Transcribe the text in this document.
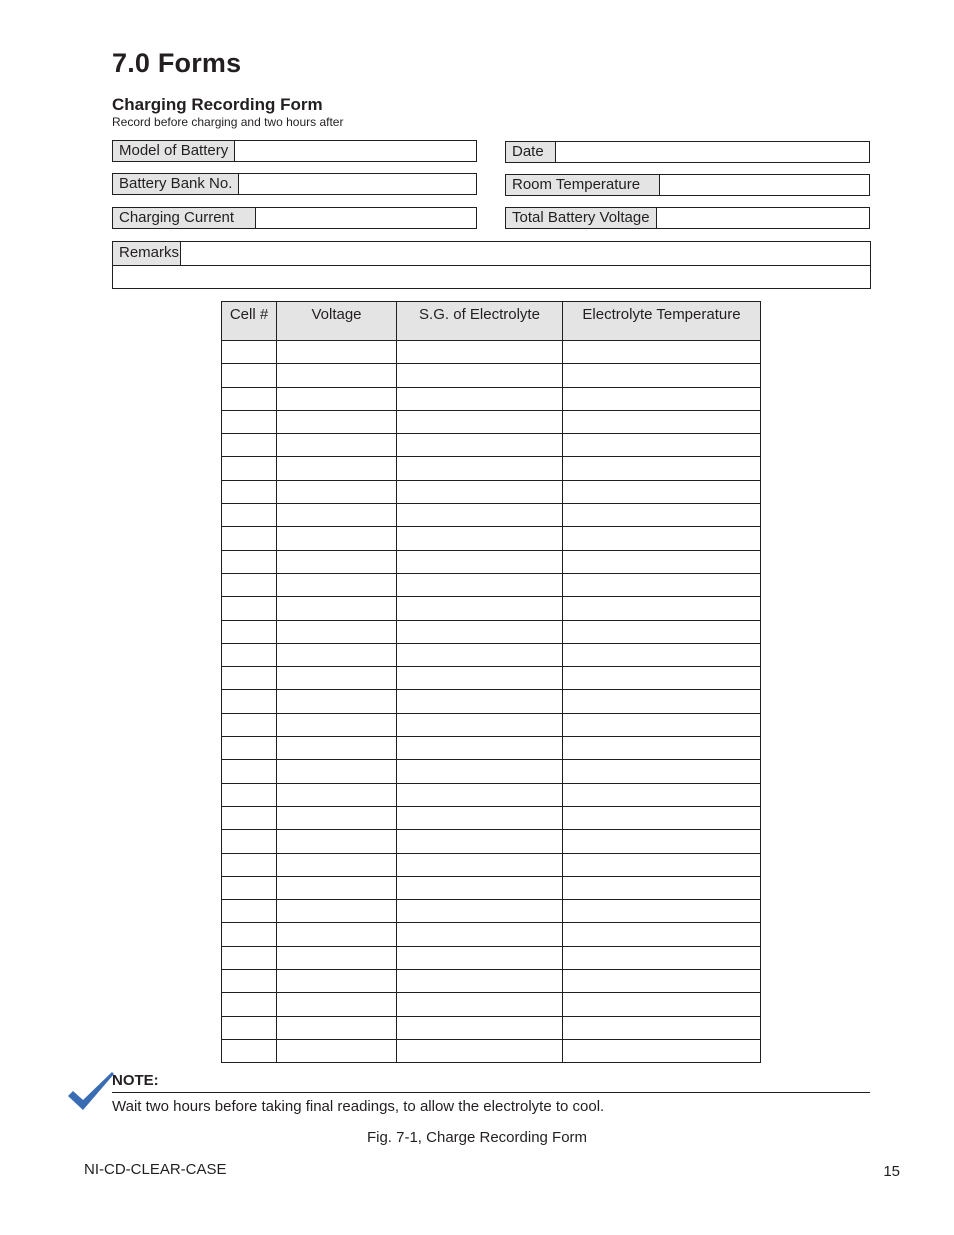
7.0 Forms
Charging Recording Form
Record before charging and two hours after
Model of Battery
Battery Bank No.
Charging Current
Date
Room Temperature
Total Battery Voltage
Remarks
Cell #	Voltage	S.G. of Electrolyte	Electrolyte Temperature

NOTE:
Wait two hours before taking final readings, to allow the electrolyte to cool.
Fig. 7-1, Charge Recording Form
NI-CD-CLEAR-CASE	15
